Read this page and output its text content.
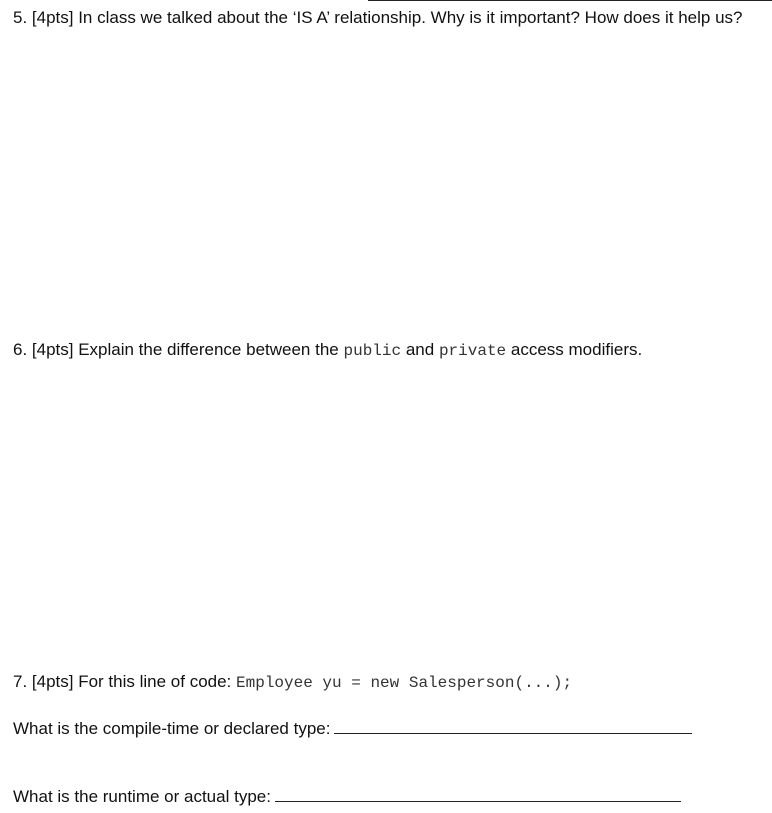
5. [4pts] In class we talked about the ‘IS A’ relationship. Why is it important? How does it help us?

6. [4pts] Explain the difference between the public and private access modifiers.

7. [4pts] For this line of code: Employee yu = new Salesperson(...);

What is the compile-time or declared type:
What is the runtime or actual type:
